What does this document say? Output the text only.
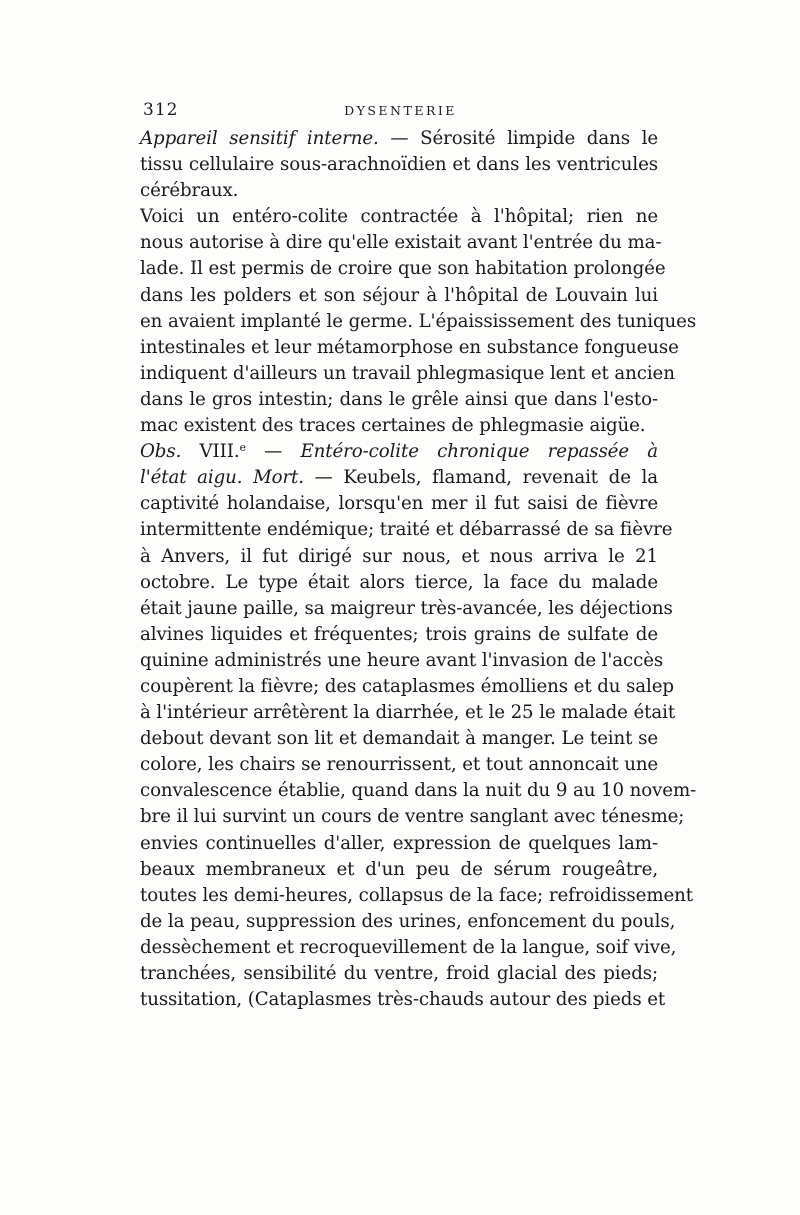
312	DYSENTERIE
Appareil sensitif interne. — Sérosité limpide dans le
tissu cellulaire sous-arachnoïdien et dans les ventricules
cérébraux.
Voici un entéro-colite contractée à l'hôpital; rien ne
nous autorise à dire qu'elle existait avant l'entrée du ma-
lade. Il est permis de croire que son habitation prolongée
dans les polders et son séjour à l'hôpital de Louvain lui
en avaient implanté le germe. L'épaississement des tuniques
intestinales et leur métamorphose en substance fongueuse
indiquent d'ailleurs un travail phlegmasique lent et ancien
dans le gros intestin; dans le grêle ainsi que dans l'esto-
mac existent des traces certaines de phlegmasie aigüe.
Obs. VIII.$^e$ — Entéro-colite chronique repassée à
l'état aigu. Mort. — Keubels, flamand, revenait de la
captivité holandaise, lorsqu'en mer il fut saisi de fièvre
intermittente endémique; traité et débarrassé de sa fièvre
à Anvers, il fut dirigé sur nous, et nous arriva le 21
octobre. Le type était alors tierce, la face du malade
était jaune paille, sa maigreur très-avancée, les déjections
alvines liquides et fréquentes; trois grains de sulfate de
quinine administrés une heure avant l'invasion de l'accès
coupèrent la fièvre; des cataplasmes émolliens et du salep
à l'intérieur arrêtèrent la diarrhée, et le 25 le malade était
debout devant son lit et demandait à manger. Le teint se
colore, les chairs se renourrissent, et tout annoncait une
convalescence établie, quand dans la nuit du 9 au 10 novem-
bre il lui survint un cours de ventre sanglant avec ténesme;
envies continuelles d'aller, expression de quelques lam-
beaux membraneux et d'un peu de sérum rougeâtre,
toutes les demi-heures, collapsus de la face; refroidissement
de la peau, suppression des urines, enfoncement du pouls,
dessèchement et recroquevillement de la langue, soif vive,
tranchées, sensibilité du ventre, froid glacial des pieds;
tussitation, (Cataplasmes très-chauds autour des pieds et
